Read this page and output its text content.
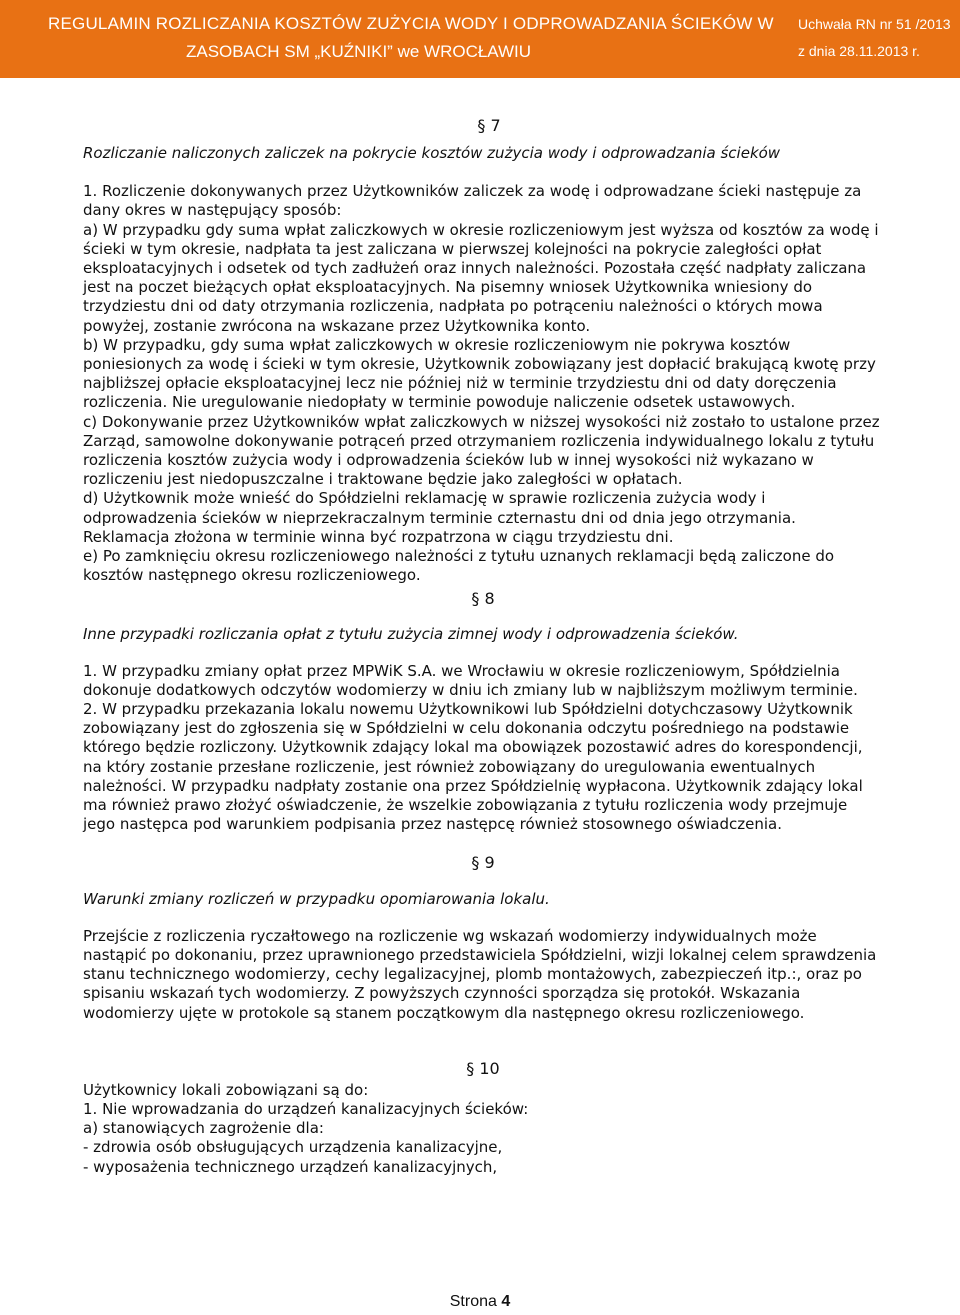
REGULAMIN ROZLICZANIA KOSZTÓW ZUŻYCIA WODY I ODPROWADZANIA ŚCIEKÓW W
ZASOBACH SM „KUŹNIKI” we WROCŁAWIU
Uchwała RN nr 51 /2013
z dnia 28.11.2013 r.
§ 7

Rozliczanie naliczonych zaliczek na pokrycie kosztów zużycia wody i odprowadzania ścieków

1. Rozliczenie dokonywanych przez Użytkowników zaliczek za wodę i odprowadzane ścieki następuje za dany okres w następujący sposób:

a) W przypadku gdy suma wpłat zaliczkowych w okresie rozliczeniowym jest wyższa od kosztów za wodę i ścieki w tym okresie, nadpłata ta jest zaliczana w pierwszej kolejności na pokrycie zaległości opłat eksploatacyjnych i odsetek od tych zadłużeń oraz innych należności. Pozostała część nadpłaty zaliczana jest na poczet bieżących opłat eksploatacyjnych. Na pisemny wniosek Użytkownika wniesiony do trzydziestu dni od daty otrzymania rozliczenia, nadpłata po potrąceniu należności o których mowa powyżej, zostanie zwrócona na wskazane przez Użytkownika konto.

b) W przypadku, gdy suma wpłat zaliczkowych w okresie rozliczeniowym nie pokrywa kosztów poniesionych za wodę i ścieki w tym okresie, Użytkownik zobowiązany jest dopłacić brakującą kwotę przy najbliższej opłacie eksploatacyjnej lecz nie później niż w terminie trzydziestu dni od daty doręczenia rozliczenia. Nie uregulowanie niedopłaty w terminie powoduje naliczenie odsetek ustawowych.

c) Dokonywanie przez Użytkowników wpłat zaliczkowych w niższej wysokości niż zostało to ustalone przez Zarząd, samowolne dokonywanie potrąceń przed otrzymaniem rozliczenia indywidualnego lokalu z tytułu rozliczenia kosztów zużycia wody i odprowadzenia ścieków lub w innej wysokości niż wykazano w rozliczeniu jest niedopuszczalne i traktowane będzie jako zaległości w opłatach.

d) Użytkownik może wnieść do Spółdzielni reklamację w sprawie rozliczenia zużycia wody i odprowadzenia ścieków w nieprzekraczalnym terminie czternastu dni od dnia jego otrzymania. Reklamacja złożona w terminie winna być rozpatrzona w ciągu trzydziestu dni.

e) Po zamknięciu okresu rozliczeniowego należności z tytułu uznanych reklamacji będą zaliczone do kosztów następnego okresu rozliczeniowego.

§ 8

Inne przypadki rozliczania opłat z tytułu zużycia zimnej wody i odprowadzenia ścieków.

1. W przypadku zmiany opłat przez MPWiK S.A. we Wrocławiu w okresie rozliczeniowym, Spółdzielnia dokonuje dodatkowych odczytów wodomierzy w dniu ich zmiany lub w najbliższym możliwym terminie.

2. W przypadku przekazania lokalu nowemu Użytkownikowi lub Spółdzielni dotychczasowy Użytkownik zobowiązany jest do zgłoszenia się w Spółdzielni w celu dokonania odczytu pośredniego na podstawie którego będzie rozliczony. Użytkownik zdający lokal ma obowiązek pozostawić adres do korespondencji, na który zostanie przesłane rozliczenie, jest również zobowiązany do uregulowania ewentualnych należności. W przypadku nadpłaty zostanie ona przez Spółdzielnię wypłacona. Użytkownik zdający lokal ma również prawo złożyć oświadczenie, że wszelkie zobowiązania z tytułu rozliczenia wody przejmuje jego następca pod warunkiem podpisania przez następcę również stosownego oświadczenia.

§ 9

Warunki zmiany rozliczeń w przypadku opomiarowania lokalu.

Przejście z rozliczenia ryczałtowego na rozliczenie wg wskazań wodomierzy indywidualnych może nastąpić po dokonaniu, przez uprawnionego przedstawiciela Spółdzielni, wizji lokalnej celem sprawdzenia stanu technicznego wodomierzy, cechy legalizacyjnej, plomb montażowych, zabezpieczeń itp.:, oraz po spisaniu wskazań tych wodomierzy. Z powyższych czynności sporządza się protokół. Wskazania wodomierzy ujęte w protokole są stanem początkowym dla następnego okresu rozliczeniowego.

§ 10

Użytkownicy lokali zobowiązani są do:

1. Nie wprowadzania do urządzeń kanalizacyjnych ścieków:

a) stanowiących zagrożenie dla:

- zdrowia osób obsługujących urządzenia kanalizacyjne,

- wyposażenia technicznego urządzeń kanalizacyjnych,

Strona 4
